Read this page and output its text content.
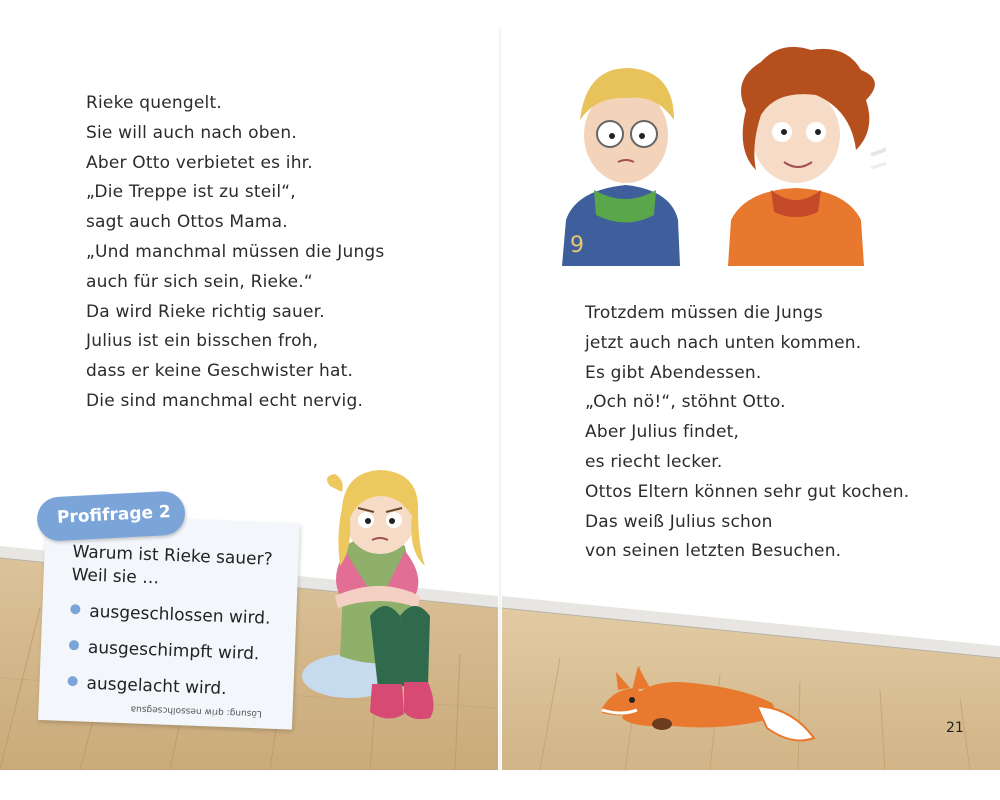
9
Rieke quengelt.
Sie will auch nach oben.
Aber Otto verbietet es ihr.
„Die Treppe ist zu steil“,
sagt auch Ottos Mama.
„Und manchmal müssen die Jungs
auch für sich sein, Rieke.“
Da wird Rieke richtig sauer.
Julius ist ein bisschen froh,
dass er keine Geschwister hat.
Die sind manchmal echt nervig.
Trotzdem müssen die Jungs
jetzt auch nach unten kommen.
Es gibt Abendessen.
„Och nö!“, stöhnt Otto.
Aber Julius findet,
es riecht lecker.
Ottos Eltern können sehr gut kochen.
Das weiß Julius schon
von seinen letzten Besuchen.
Warum ist Rieke sauer?
Weil sie …
ausgeschlossen wird.
ausgeschimpft wird.
ausgelacht wird.
Lösung: qriw nessolhcsegsua
Profifrage 2
21
